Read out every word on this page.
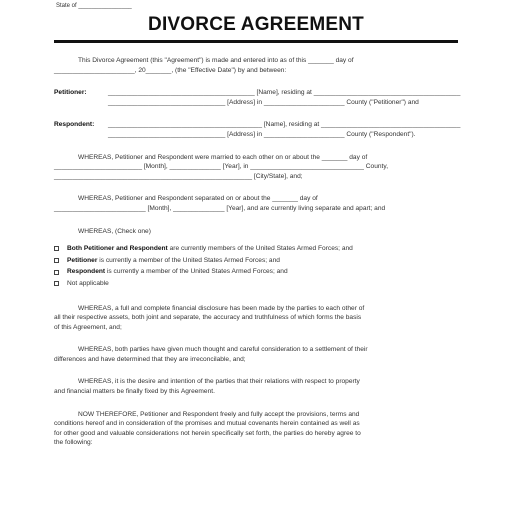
State of ________________
DIVORCE AGREEMENT

This Divorce Agreement (this "Agreement") is made and entered into as of this _______ day of

______________________, 20_______, (the "Effective Date") by and between:

Petitioner:	________________________________________ [Name], residing at ________________________________________

________________________________ [Address] in ______________________ County ("Petitioner") and

Respondent:	__________________________________________ [Name], residing at ______________________________________

________________________________ [Address] in ______________________ County ("Respondent").

WHEREAS, Petitioner and Respondent were married to each other on or about the _______ day of

________________________ [Month], ______________ [Year], in _______________________________ County,

______________________________________________________ [City/State], and;

WHEREAS, Petitioner and Respondent separated on or about the _______ day of

_________________________ [Month], ______________ [Year], and are currently living separate and apart; and

WHEREAS, (Check one)

Both Petitioner and Respondent are currently members of the United States Armed Forces; and
Petitioner is currently a member of the United States Armed Forces; and
Respondent is currently a member of the United States Armed Forces; and
Not applicable

WHEREAS, a full and complete financial disclosure has been made by the parties to each other of

all their respective assets, both joint and separate, the accuracy and truthfulness of which forms the basis

of this Agreement, and;

WHEREAS, both parties have given much thought and careful consideration to a settlement of their

differences and have determined that they are irreconcilable, and;

WHEREAS, it is the desire and intention of the parties that their relations with respect to property

and financial matters be finally fixed by this Agreement.

NOW THEREFORE, Petitioner and Respondent freely and fully accept the provisions, terms and

conditions hereof and in consideration of the promises and mutual covenants herein contained as well as

for other good and valuable considerations not herein specifically set forth, the parties do hereby agree to

the following:
